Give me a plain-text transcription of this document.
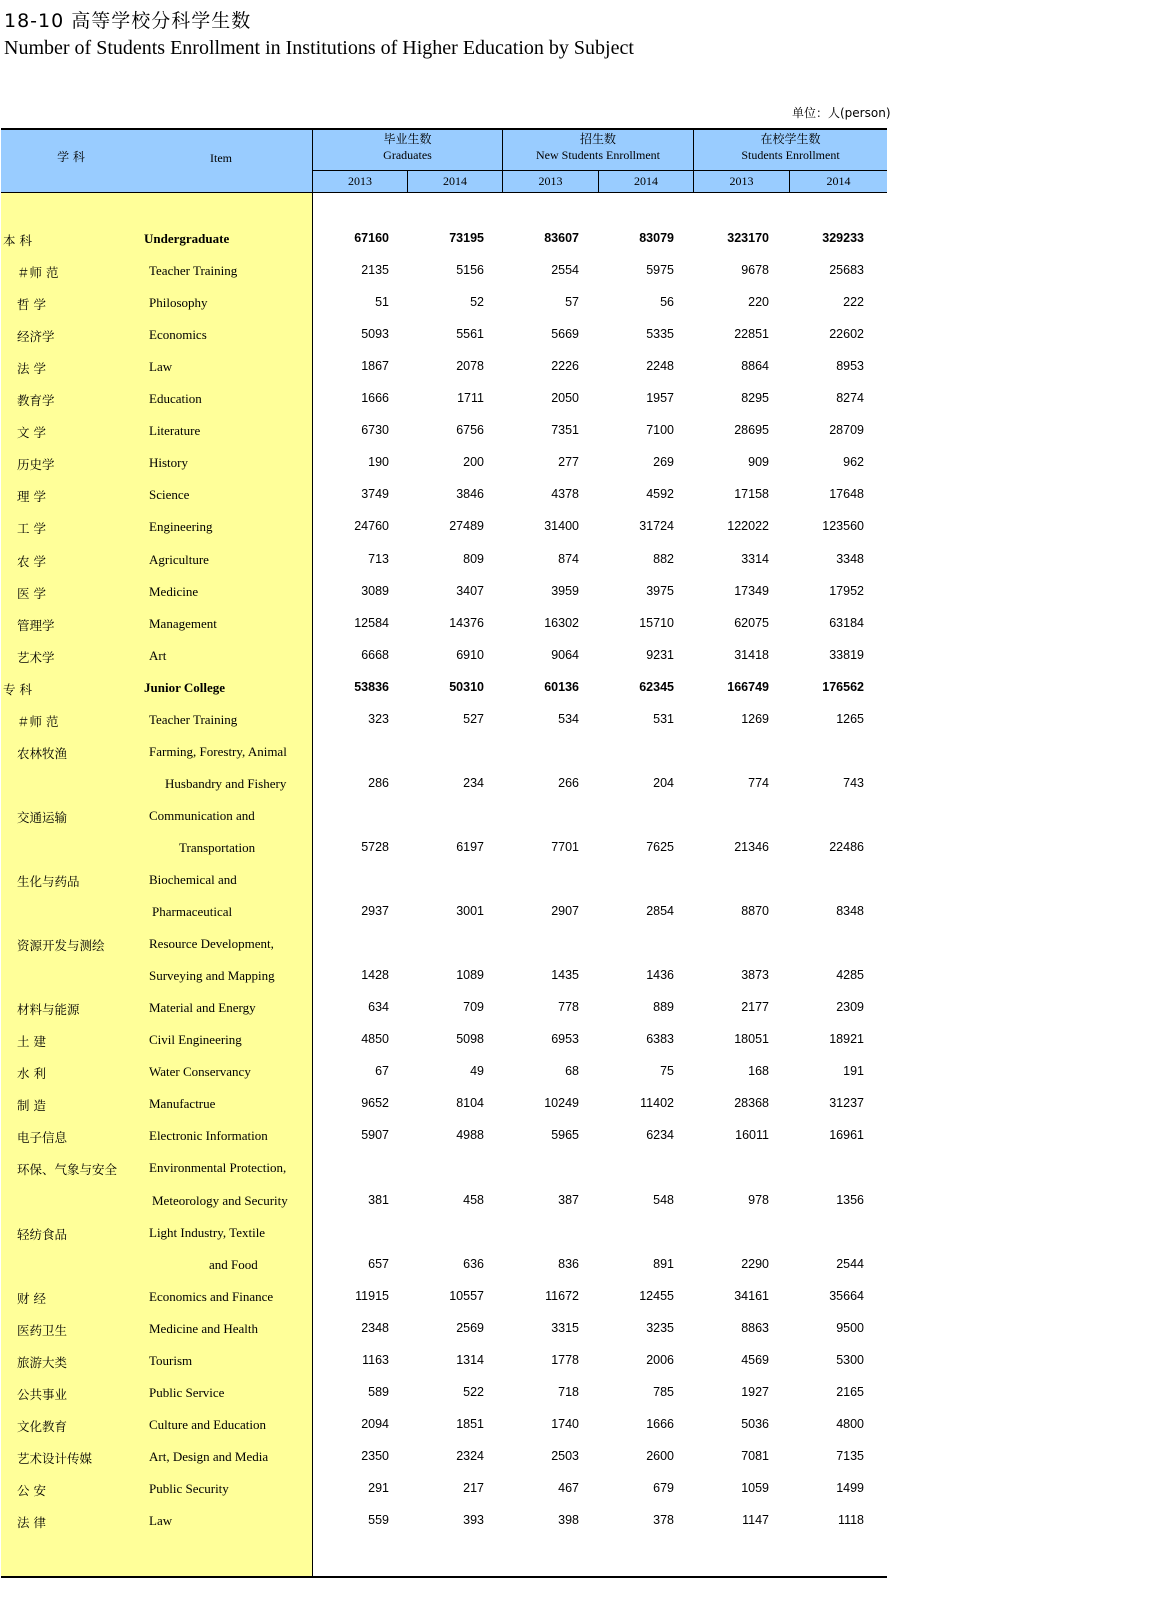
18-10 高等学校分科学生数
Number of Students Enrollment in Institutions of Higher Education by Subject
单位：人(person)
学 科	Item
毕业生数
Graduates
招生数
New Students Enrollment
在校学生数
Students Enrollment
2013	2014	2013	2014	2013	2014
本 科	Undergraduate	67160	73195	83607	83079	323170	329233
＃师 范	Teacher Training	2135	5156	2554	5975	9678	25683
哲 学	Philosophy	51	52	57	56	220	222
经济学	Economics	5093	5561	5669	5335	22851	22602
法 学	Law	1867	2078	2226	2248	8864	8953
教育学	Education	1666	1711	2050	1957	8295	8274
文 学	Literature	6730	6756	7351	7100	28695	28709
历史学	History	190	200	277	269	909	962
理 学	Science	3749	3846	4378	4592	17158	17648
工 学	Engineering	24760	27489	31400	31724	122022	123560
农 学	Agriculture	713	809	874	882	3314	3348
医 学	Medicine	3089	3407	3959	3975	17349	17952
管理学	Management	12584	14376	16302	15710	62075	63184
艺术学	Art	6668	6910	9064	9231	31418	33819
专 科	Junior College	53836	50310	60136	62345	166749	176562
＃师 范	Teacher Training	323	527	534	531	1269	1265
农林牧渔	Farming, Forestry, Animal
Husbandry and Fishery	286	234	266	204	774	743
交通运输	Communication and
Transportation	5728	6197	7701	7625	21346	22486
生化与药品	Biochemical and
Pharmaceutical	2937	3001	2907	2854	8870	8348
资源开发与测绘	Resource Development,
Surveying and Mapping	1428	1089	1435	1436	3873	4285
材料与能源	Material and Energy	634	709	778	889	2177	2309
土 建	Civil Engineering	4850	5098	6953	6383	18051	18921
水 利	Water Conservancy	67	49	68	75	168	191
制 造	Manufactrue	9652	8104	10249	11402	28368	31237
电子信息	Electronic Information	5907	4988	5965	6234	16011	16961
环保、气象与安全 Environmental Protection,
Meteorology and Security	381	458	387	548	978	1356
轻纺食品	Light Industry, Textile
and Food	657	636	836	891	2290	2544
财 经	Economics and Finance	11915	10557	11672	12455	34161	35664
医药卫生	Medicine and Health	2348	2569	3315	3235	8863	9500
旅游大类	Tourism	1163	1314	1778	2006	4569	5300
公共事业	Public Service	589	522	718	785	1927	2165
文化教育	Culture and Education	2094	1851	1740	1666	5036	4800
艺术设计传媒	Art, Design and Media	2350	2324	2503	2600	7081	7135
公 安	Public Security	291	217	467	679	1059	1499
法 律	Law	559	393	398	378	1147	1118
